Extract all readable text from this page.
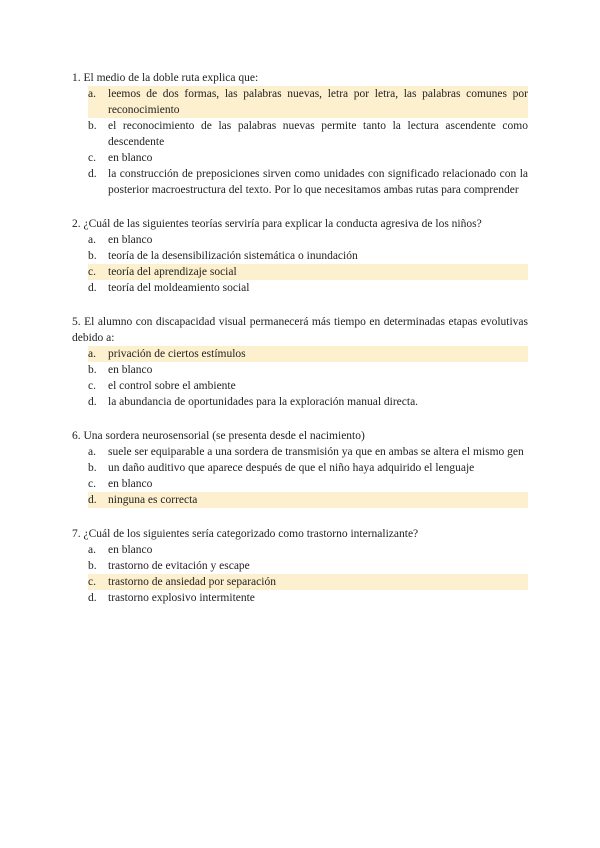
1. El medio de la doble ruta explica que:
a. leemos de dos formas, las palabras nuevas, letra por letra, las palabras comunes por reconocimiento
b. el reconocimiento de las palabras nuevas permite tanto la lectura ascendente como descendente
c. en blanco
d. la construcción de preposiciones sirven como unidades con significado relacionado con la posterior macroestructura del texto. Por lo que necesitamos ambas rutas para comprender
2. ¿Cuál de las siguientes teorías serviría para explicar la conducta agresiva de los niños?
a. en blanco
b. teoría de la desensibilización sistemática o inundación
c. teoría del aprendizaje social
d. teoría del moldeamiento social
5. El alumno con discapacidad visual permanecerá más tiempo en determinadas etapas evolutivas debido a:
a. privación de ciertos estímulos
b. en blanco
c. el control sobre el ambiente
d. la abundancia de oportunidades para la exploración manual directa.
6. Una sordera neurosensorial (se presenta desde el nacimiento)
a. suele ser equiparable a una sordera de transmisión ya que en ambas se altera el mismo gen
b. un daño auditivo que aparece después de que el niño haya adquirido el lenguaje
c. en blanco
d. ninguna es correcta
7. ¿Cuál de los siguientes sería categorizado como trastorno internalizante?
a. en blanco
b. trastorno de evitación y escape
c. trastorno de ansiedad por separación
d. trastorno explosivo intermitente
